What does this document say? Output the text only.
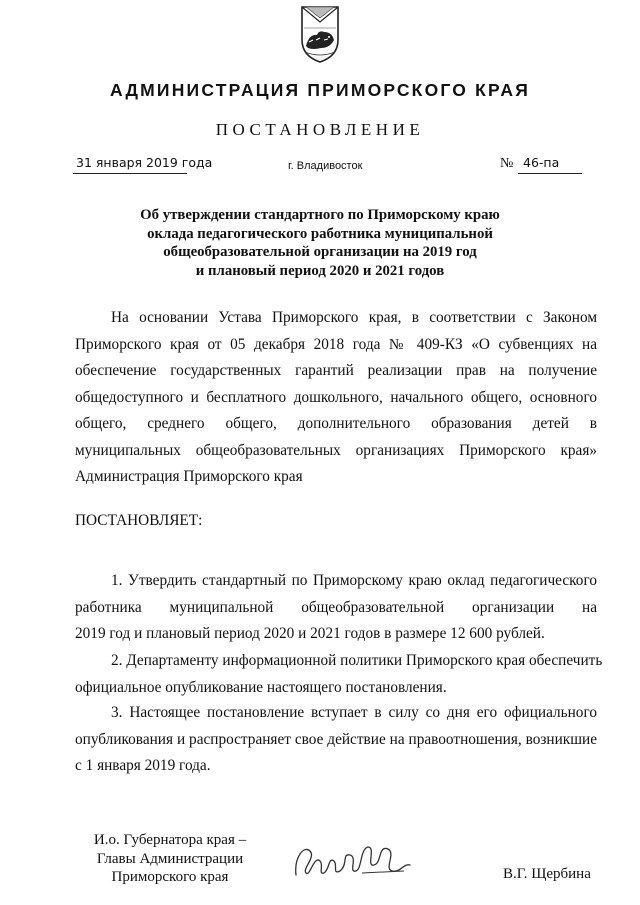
АДМИНИСТРАЦИЯ ПРИМОРСКОГО КРАЯ
ПОСТАНОВЛЕНИЕ
31 января 2019 года	г. Владивосток	№ 46-па
Об утверждении стандартного по Приморскому краю
оклада педагогического работника муниципальной
общеобразовательной организации на 2019 год
и плановый период 2020 и 2021 годов
На основании Устава Приморского края, в соответствии с Законом
Приморского края от 05 декабря 2018 года № 409-КЗ «О субвенциях на
обеспечение государственных гарантий реализации прав на получение
общедоступного и бесплатного дошкольного, начального общего, основного
общего, среднего общего, дополнительного образования детей в
муниципальных общеобразовательных организациях Приморского края»
Администрация Приморского края
ПОСТАНОВЛЯЕТ:
1. Утвердить стандартный по Приморскому краю оклад педагогического
работника муниципальной общеобразовательной организации на
2019 год и плановый период 2020 и 2021 годов в размере 12 600 рублей.
2. Департаменту информационной политики Приморского края обеспечить
официальное опубликование настоящего постановления.
3. Настоящее постановление вступает в силу со дня его официального
опубликования и распространяет свое действие на правоотношения, возникшие
с 1 января 2019 года.
И.о. Губернатора края –
Главы Администрации
Приморского края	В.Г. Щербина
